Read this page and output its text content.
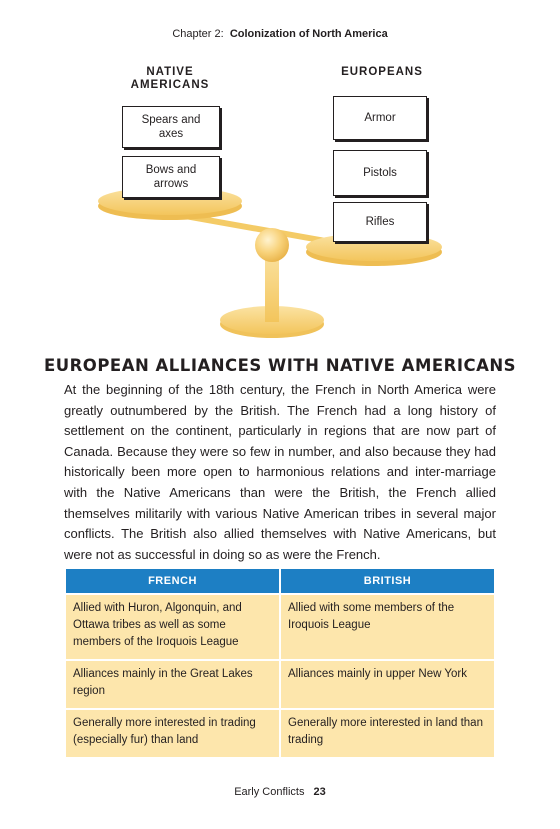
Chapter 2: Colonization of North America
NATIVE
AMERICANS
EUROPEANS
Spears and
axes
Bows and
arrows
Armor
Pistols
Rifles
EUROPEAN ALLIANCES WITH NATIVE AMERICANS

At the beginning of the 18th century, the French in North America were greatly outnumbered by the British. The French had a long history of settlement on the continent, particularly in regions that are now part of Canada. Because they were so few in number, and also because they had historically been more open to harmonious relations and inter-marriage with the Native Americans than were the British, the French allied themselves militarily with various Native American tribes in several major conflicts. The British also allied themselves with Native Americans, but were not as successful in doing so as were the French.

FRENCH	BRITISH
Allied with Huron, Algonquin, and Ottawa tribes as well as some members of the Iroquois League	Allied with some members of the Iroquois League
Alliances mainly in the Great Lakes region	Alliances mainly in upper New York
Generally more interested in trading (especially fur) than land	Generally more interested in land than trading
Early Conflicts 23
